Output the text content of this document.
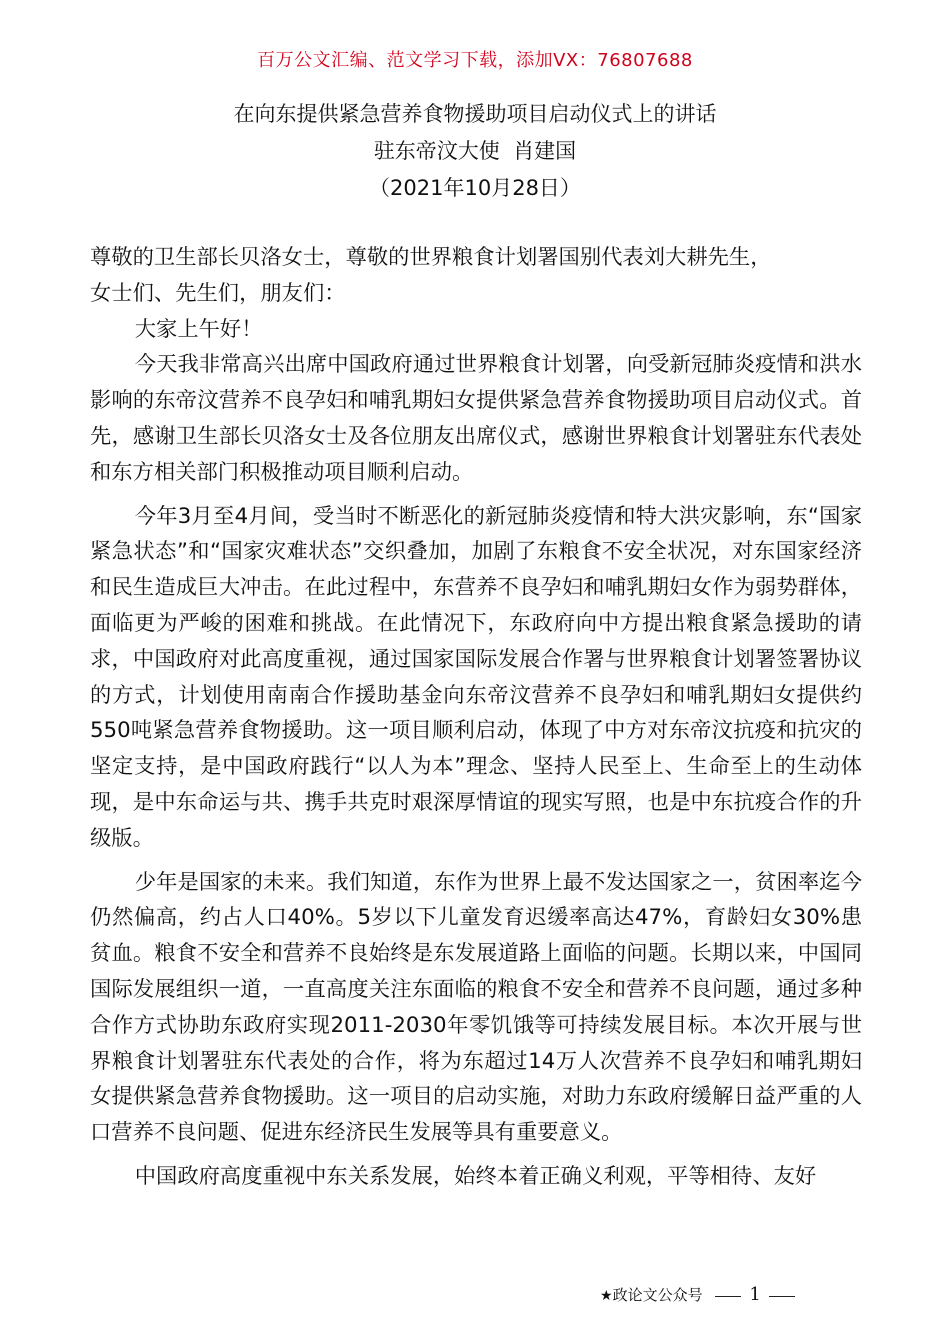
百万公文汇编、范文学习下载，添加VX：76807688
在向东提供紧急营养食物援助项目启动仪式上的讲话
驻东帝汶大使  肖建国
（2021年10月28日）

尊敬的卫生部长贝洛女士，尊敬的世界粮食计划署国别代表刘大耕先生，

女士们、先生们，朋友们：

大家上午好！

今天我非常高兴出席中国政府通过世界粮食计划署，向受新冠肺炎疫情和洪水影响的东帝汶营养不良孕妇和哺乳期妇女提供紧急营养食物援助项目启动仪式。首先，感谢卫生部长贝洛女士及各位朋友出席仪式，感谢世界粮食计划署驻东代表处和东方相关部门积极推动项目顺利启动。

今年3月至4月间，受当时不断恶化的新冠肺炎疫情和特大洪灾影响，东“国家紧急状态”和“国家灾难状态”交织叠加，加剧了东粮食不安全状况，对东国家经济和民生造成巨大冲击。在此过程中，东营养不良孕妇和哺乳期妇女作为弱势群体，面临更为严峻的困难和挑战。在此情况下，东政府向中方提出粮食紧急援助的请求，中国政府对此高度重视，通过国家国际发展合作署与世界粮食计划署签署协议的方式，计划使用南南合作援助基金向东帝汶营养不良孕妇和哺乳期妇女提供约550吨紧急营养食物援助。这一项目顺利启动，体现了中方对东帝汶抗疫和抗灾的坚定支持，是中国政府践行“以人为本”理念、坚持人民至上、生命至上的生动体现，是中东命运与共、携手共克时艰深厚情谊的现实写照，也是中东抗疫合作的升级版。

少年是国家的未来。我们知道，东作为世界上最不发达国家之一，贫困率迄今仍然偏高，约占人口40%。5岁以下儿童发育迟缓率高达47%，育龄妇女30%患贫血。粮食不安全和营养不良始终是东发展道路上面临的问题。长期以来，中国同国际发展组织一道，一直高度关注东面临的粮食不安全和营养不良问题，通过多种合作方式协助东政府实现2011-2030年零饥饿等可持续发展目标。本次开展与世界粮食计划署驻东代表处的合作，将为东超过14万人次营养不良孕妇和哺乳期妇女提供紧急营养食物援助。这一项目的启动实施，对助力东政府缓解日益严重的人口营养不良问题、促进东经济民生发展等具有重要意义。

中国政府高度重视中东关系发展，始终本着正确义利观，平等相待、友好

★政论文公众号	1
